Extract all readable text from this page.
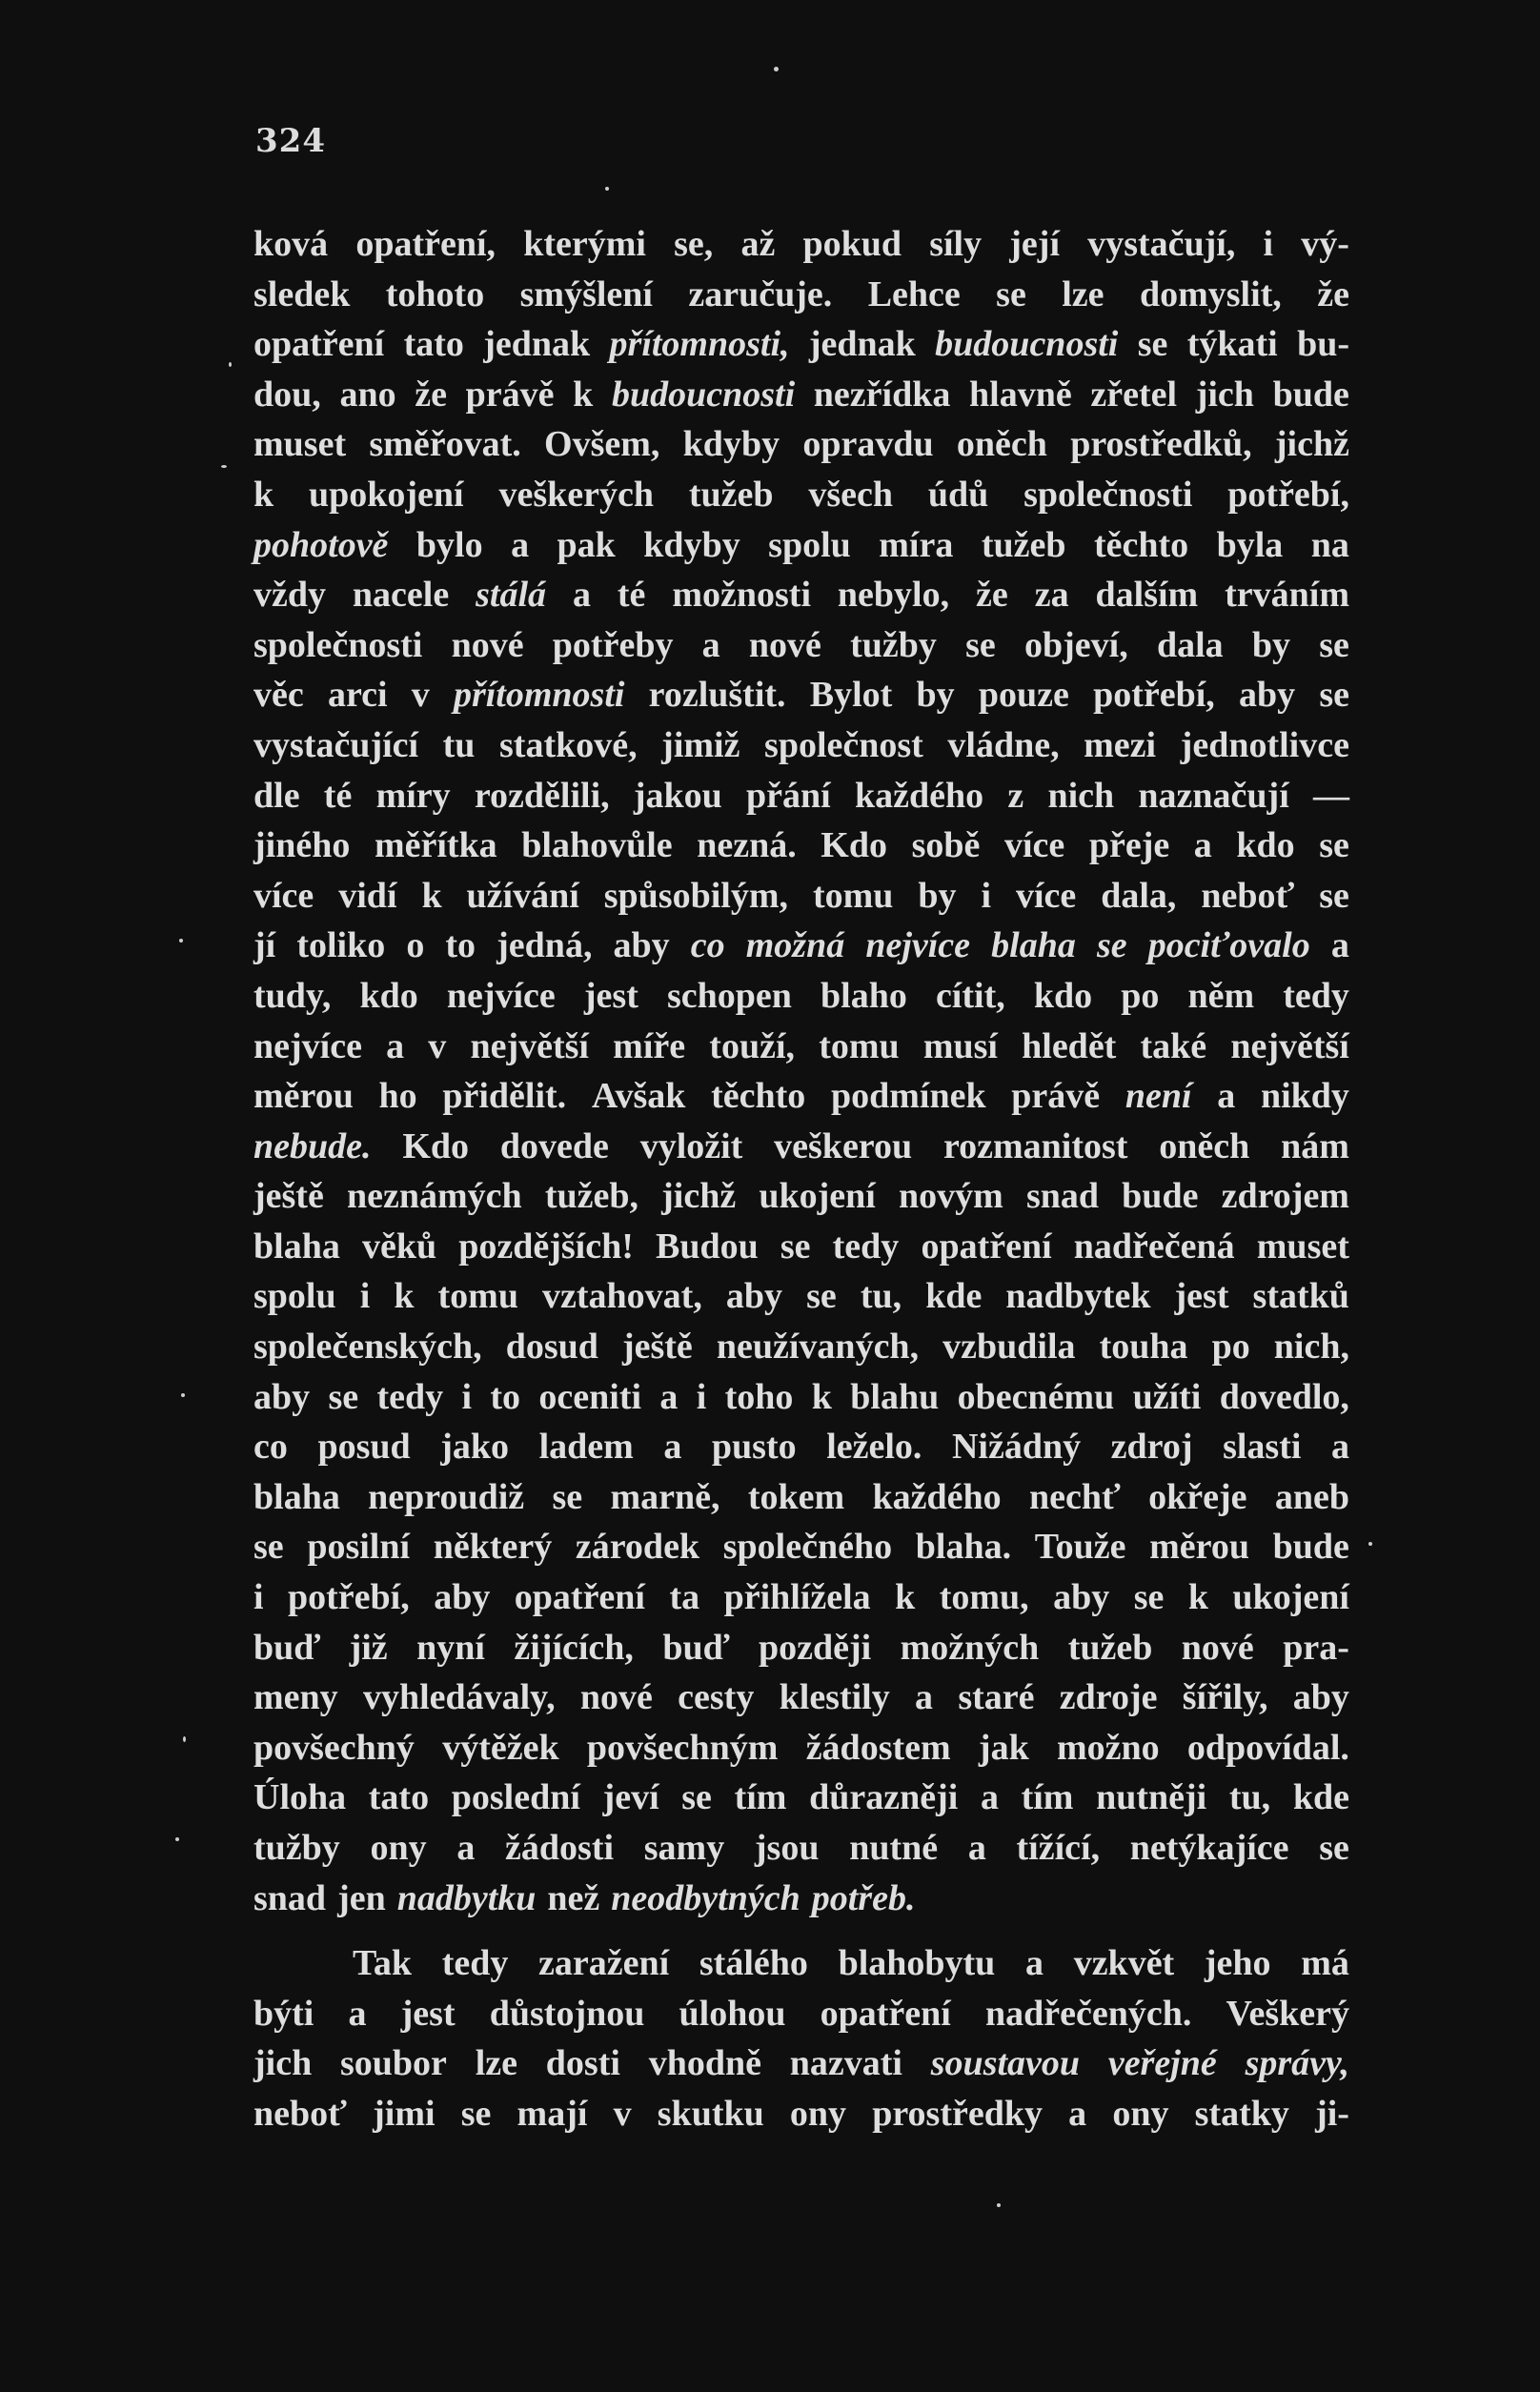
324
ková opatření, kterými se, až pokud síly její vystačují, i vý-
sledek tohoto smýšlení zaručuje. Lehce se lze domyslit, že
opatření tato jednak přítomnosti, jednak budoucnosti se týkati bu-
dou, ano že právě k budoucnosti nezřídka hlavně zřetel jich bude
muset směřovat. Ovšem, kdyby opravdu oněch prostředků, jichž
k upokojení veškerých tužeb všech údů společnosti potřebí,
pohotově bylo a pak kdyby spolu míra tužeb těchto byla na
vždy nacele stálá a té možnosti nebylo, že za dalším trváním
společnosti nové potřeby a nové tužby se objeví, dala by se
věc arci v přítomnosti rozluštit. Bylot by pouze potřebí, aby se
vystačující tu statkové, jimiž společnost vládne, mezi jednotlivce
dle té míry rozdělili, jakou přání každého z nich naznačují —
jiného měřítka blahovůle nezná. Kdo sobě více přeje a kdo se
více vidí k užívání spůsobilým, tomu by i více dala, neboť se
jí toliko o to jedná, aby co možná nejvíce blaha se pociťovalo a
tudy, kdo nejvíce jest schopen blaho cítit, kdo po něm tedy
nejvíce a v největší míře touží, tomu musí hledět také největší
měrou ho přidělit. Avšak těchto podmínek právě není a nikdy
nebude. Kdo dovede vyložit veškerou rozmanitost oněch nám
ještě neznámých tužeb, jichž ukojení novým snad bude zdrojem
blaha věků pozdějších! Budou se tedy opatření nadřečená muset
spolu i k tomu vztahovat, aby se tu, kde nadbytek jest statků
společenských, dosud ještě neužívaných, vzbudila touha po nich,
aby se tedy i to oceniti a i toho k blahu obecnému užíti dovedlo,
co posud jako ladem a pusto leželo. Nižádný zdroj slasti a
blaha neproudiž se marně, tokem každého nechť okřeje aneb
se posilní některý zárodek společného blaha. Touže měrou bude
i potřebí, aby opatření ta přihlížela k tomu, aby se k ukojení
buď již nyní žijících, buď později možných tužeb nové pra-
meny vyhledávaly, nové cesty klestily a staré zdroje šířily, aby
povšechný výtěžek povšechným žádostem jak možno odpovídal.
Úloha tato poslední jeví se tím důrazněji a tím nutněji tu, kde
tužby ony a žádosti samy jsou nutné a tížící, netýkajíce se
snad jen nadbytku než neodbytných potřeb.
Tak tedy zaražení stálého blahobytu a vzkvět jeho má
býti a jest důstojnou úlohou opatření nadřečených. Veškerý
jich soubor lze dosti vhodně nazvati soustavou veřejné správy,
neboť jimi se mají v skutku ony prostředky a ony statky ji-
